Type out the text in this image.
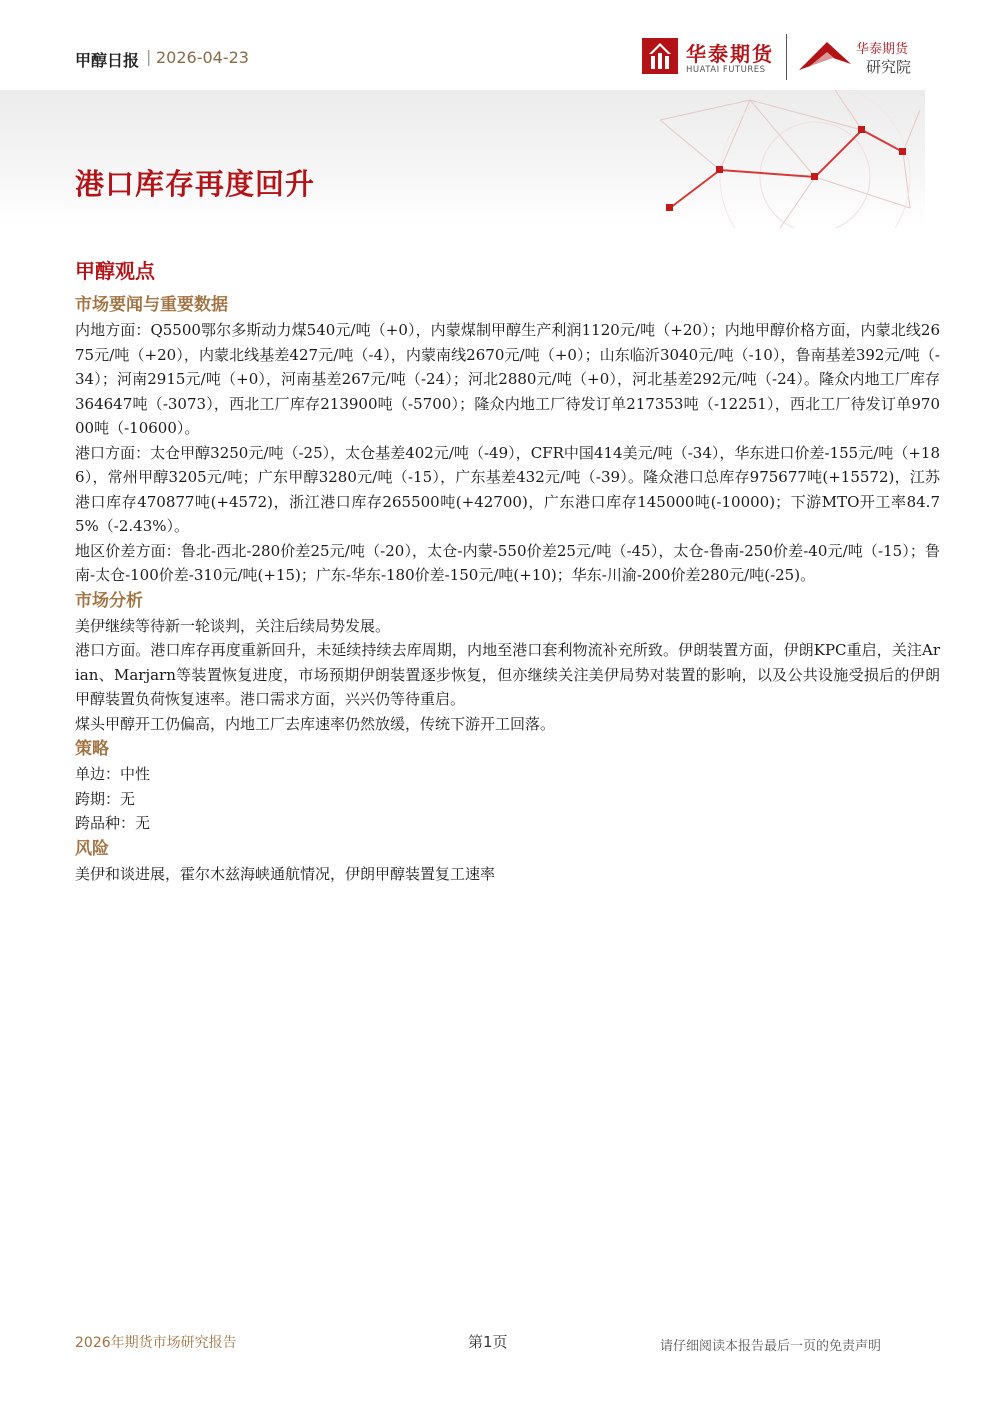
甲醇日报 | 2026-04-23	华泰期货
HUATAI FUTURES
华泰期货
研究院
港口库存再度回升
甲醇观点
市场要闻与重要数据

内地方面：Q5500鄂尔多斯动力煤540元/吨（+0），内蒙煤制甲醇生产利润1120元/吨（+20）；内地甲醇价格方面，内蒙北线2675元/吨（+20），内蒙北线基差427元/吨（-4），内蒙南线2670元/吨（+0）；山东临沂3040元/吨（-10），鲁南基差392元/吨（-34）；河南2915元/吨（+0），河南基差267元/吨（-24）；河北2880元/吨（+0），河北基差292元/吨（-24）。隆众内地工厂库存364647吨（-3073），西北工厂库存213900吨（-5700）；隆众内地工厂待发订单217353吨（-12251），西北工厂待发订单97000吨（-10600）。

港口方面：太仓甲醇3250元/吨（-25），太仓基差402元/吨（-49），CFR中国414美元/吨（-34），华东进口价差-155元/吨（+186），常州甲醇3205元/吨；广东甲醇3280元/吨（-15），广东基差432元/吨（-39）。隆众港口总库存975677吨(+15572)，江苏港口库存470877吨(+4572)，浙江港口库存265500吨(+42700)，广东港口库存145000吨(-10000)；下游MTO开工率84.75%（-2.43%）。

地区价差方面：鲁北-西北-280价差25元/吨（-20），太仓-内蒙-550价差25元/吨（-45），太仓-鲁南-250价差-40元/吨（-15）；鲁南-太仓-100价差-310元/吨(+15)；广东-华东-180价差-150元/吨(+10)；华东-川渝-200价差280元/吨(-25)。

市场分析

美伊继续等待新一轮谈判，关注后续局势发展。

港口方面。港口库存再度重新回升，未延续持续去库周期，内地至港口套利物流补充所致。伊朗装置方面，伊朗KPC重启，关注Arian、Marjarn等装置恢复进度，市场预期伊朗装置逐步恢复，但亦继续关注美伊局势对装置的影响，以及公共设施受损后的伊朗甲醇装置负荷恢复速率。港口需求方面，兴兴仍等待重启。

煤头甲醇开工仍偏高，内地工厂去库速率仍然放缓，传统下游开工回落。

策略

单边：中性

跨期：无

跨品种：无

风险

美伊和谈进展，霍尔木兹海峡通航情况，伊朗甲醇装置复工速率

2026年期货市场研究报告	第1页	请仔细阅读本报告最后一页的免责声明
